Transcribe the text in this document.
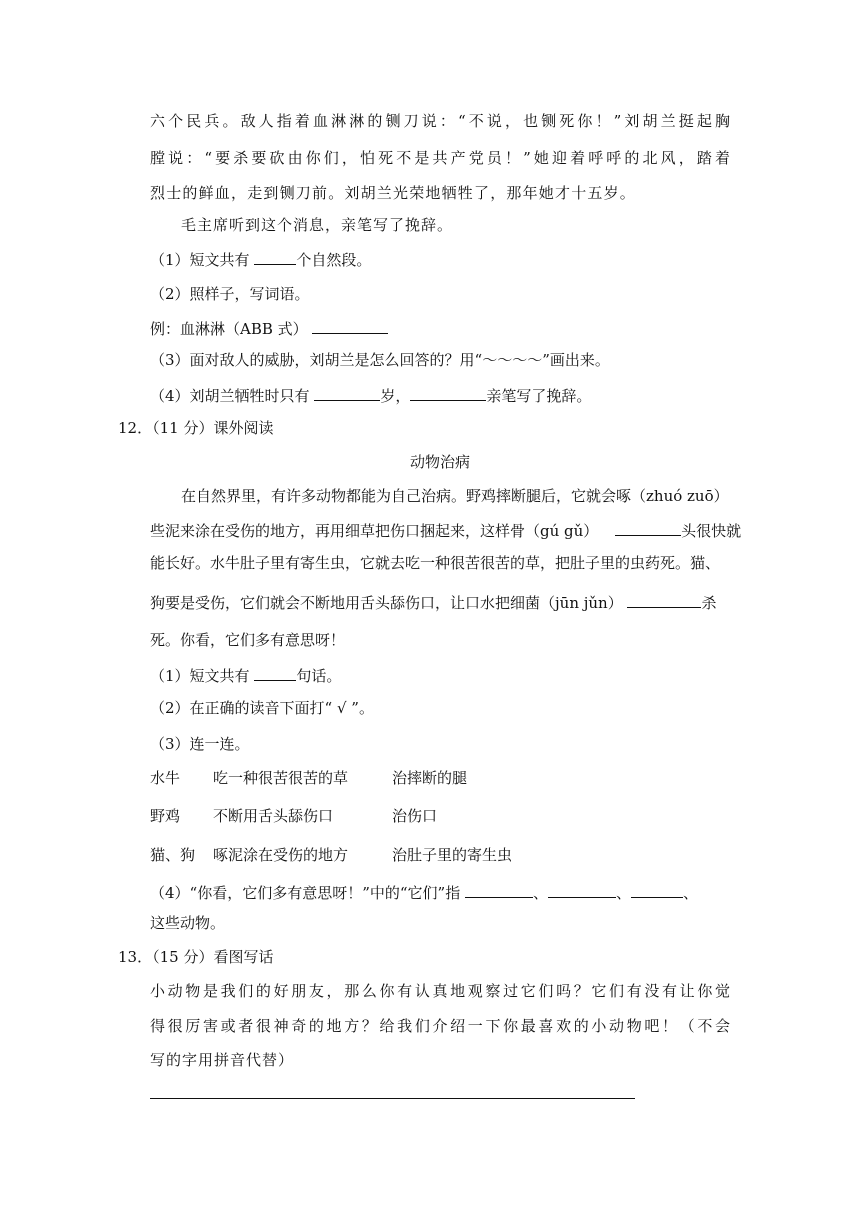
六个民兵。敌人指着血淋淋的铡刀说：“不说，也铡死你！”刘胡兰挺起胸
膛说：“要杀要砍由你们，怕死不是共产党员！”她迎着呼呼的北风，踏着
烈士的鲜血，走到铡刀前。刘胡兰光荣地牺牲了，那年她才十五岁。
毛主席听到这个消息，亲笔写了挽辞。
（1）短文共有	个自然段。
（2）照样子，写词语。
例：血淋淋（ABB 式）
（3）面对敌人的威胁，刘胡兰是怎么回答的？用“～～～～”画出来。
（4）刘胡兰牺牲时只有	岁，	亲笔写了挽辞。
12．（11 分）课外阅读
动物治病
在自然界里，有许多动物都能为自己治病。野鸡摔断腿后，它就会啄（zhuó zuō）
些泥来涂在受伤的地方，再用细草把伤口捆起来，这样骨（gú gǔ）	头很快就
能长好。水牛肚子里有寄生虫，它就去吃一种很苦很苦的草，把肚子里的虫药死。猫、
狗要是受伤，它们就会不断地用舌头舔伤口，让口水把细菌（jūn jǔn）	杀
死。你看，它们多有意思呀！
（1）短文共有	句话。
（2）在正确的读音下面打“ √ ”。
（3）连一连。
水牛 吃一种很苦很苦的草	治摔断的腿
野鸡 不断用舌头舔伤口	治伤口
猫、狗 啄泥涂在受伤的地方	治肚子里的寄生虫
（4）“你看，它们多有意思呀！”中的“它们”指	、	、	、
这些动物。
13．（15 分）看图写话
小动物是我们的好朋友，那么你有认真地观察过它们吗？它们有没有让你觉
得很厉害或者很神奇的地方？给我们介绍一下你最喜欢的小动物吧！（不会
写的字用拼音代替）
